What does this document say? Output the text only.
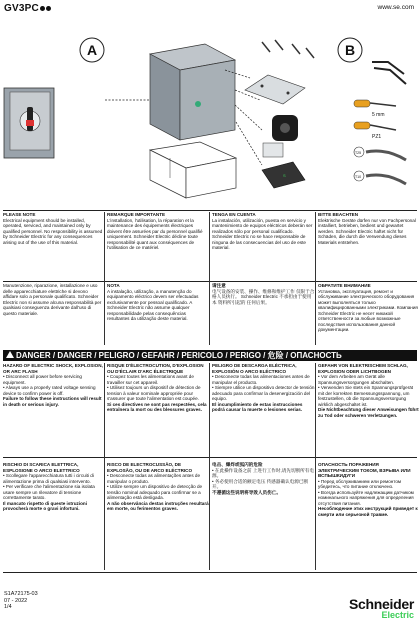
GV3PC	www.se.com
A
S
B
5 mm
PZ1
T25
T10
PLEASE NOTE

Electrical equipment should be installed, operated, serviced, and maintained only by qualified personnel. No responsibility is assumed by Schneider Electric for any consequences arising out of the use of this material.

REMARQUE IMPORTANTE

L'installation, l'utilisation, la réparation et la maintenance des équipements électriques doivent être assurées par du personnel qualifié uniquement. Schneider Electric décline toute responsabilité quant aux conséquences de l'utilisation de ce matériel.

TENGA EN CUENTA

La instalación, utilización, puesta en servicio y mantenimiento de equipos eléctricos deberán ser realizados sólo por personal cualificado. Schneider Electric no se hace responsable de ninguna de las consecuencias del uso de este material.

BITTE BEACHTEN

Elektrische Geräte dürfen nur von Fachpersonal installiert, betrieben, bedient und gewartet werden. Schneider Electric haftet nicht für Schäden, die durch die Verwendung dieses Materials entstehen.

Manutenzione, riparazione, installazione e uso delle apparecchiature elettriche si devono affidare solo a personale qualificato. Schneider Electric non si assume alcuna responsabilità per qualsiasi conseguenza derivante dall'uso di questo materiale.

NOTA

A instalação, utilização, a manutenção do equipamento eléctrico devem ser efectuadas exclusivamente por pessoal qualificado. A Schneider Electric não assume qualquer responsabilidade pelas consequências resultantes da utilização deste material.

请注意

电气设备的安装、操作、维修和维护工作 仅限于合格人员执行。 Schneider Electric 不承担由于使用本 资料所引起的 任何后果。

ОБРАТИТЕ ВНИМАНИЕ

Установка, эксплуатация, ремонт и обслуживание электрического оборудования может выполняться только квалифицированными электриками. Компания Schneider Electric не несет никакой ответственности за любые возможные последствия использования данной документации.

DANGER / DANGER / PELIGRO / GEFAHR / PERICOLO / PERIGO / 危险 / ОПАСНОСТЬ
HAZARD OF ELECTRIC SHOCK, EXPLOSION, OR ARC FLASH

• Disconnect all power before servicing equipment.

• Always use a properly rated voltage sensing device to confirm power is off.

Failure to follow these instructions will result in death or serious injury.

RISQUE D'ÉLECTROCUTION, D'EXPLOSION OU D'ÉCLAIR D'ARC ÉLECTRIQUE

• Coupez toutes les alimentations avant de travailler sur cet appareil.

• Utilisez toujours un dispositif de détection de tension à valeur nominale appropriée pour s'assurer que toute l'alimentation est coupée.

Si ces directives ne sont pas respectées, cela entraînera la mort ou des blessures graves.

PELIGRO DE DESCARGA ELÉCTRICA, EXPLOSIÓN O ARCO ELÉCTRICO

• Desconecte todas las alimentaciones antes de manipular el producto.

• Siempre utilice un dispositivo detector de tensión adecuado para confirmar la desenergización del equipo.

El incumplimiento de estas instrucciones podrá causar la muerte o lesiones serias.

GEFAHR VON ELEKTRISCHEM SCHLAG, EXPLOSION ODER LICHTBOGEN

• Vor dem Arbeiten am Gerät alle Spannungsversorgungen abschalten.

• Verwenden Sie stets ein Spannungsprüfgerät mit der korrekten Bemessungsspannung, um festzustellen, ob die Spannungsversorgung wirklich abgeschaltet ist.

Die Nichtbeachtung dieser Anweisungen führt zu Tod oder schweren Verletzungen.

RISCHIO DI SCARICA ELETTRICA, ESPLOSIONE O ARCO ELETTRICO

• Scollegare l'apparecchiatura tutti i circuiti di alimentazione prima di qualsiasi intervento.

• Per verificare che l'alimentazione sia isolata usare sempre un rilevatore di tensione correttamente tarato.

Il mancato rispetto di queste istruzioni provocherà morte o gravi infortuni.

RISCO DE ELECTROCUSSÃO, DE EXPLOSÃO, OU DE ARCO ELÉCTRICO

• Desconecte todas as alimentações antes de manipular o produto.

• Utilize sempre um dispositivo de detecção de tensão nominal adequado para confirmar se a alimentação está desligada.

A não observância destas instruções resultará em morte, ou ferimentos graves.

电击、爆炸或弧闪的危险

• 在此操作设备之前 上进行工作时,请先切断所有电源。

• 务必使用合适的额定电压 传感器确认电源已断开。

不遵循这些说明将导致人员伤亡。

ОПАСНОСТЬ ПОРАЖЕНИЯ ЭЛЕКТРИЧЕСКИМ ТОКОМ, ВЗРЫВА ИЛИ ВСПЫШКИДУГИ

• Перед обслуживанием или ремонтом убедитесь, что питание отключено.

• Всегда используйте надлежащим датчиком номинального напряжения для определения отсутствия питания.

Несоблюдение этих инструкций приведет к смерти или серьезной травме.

S1A72175-03
07 - 2022
1/4	Schneider
Electric
